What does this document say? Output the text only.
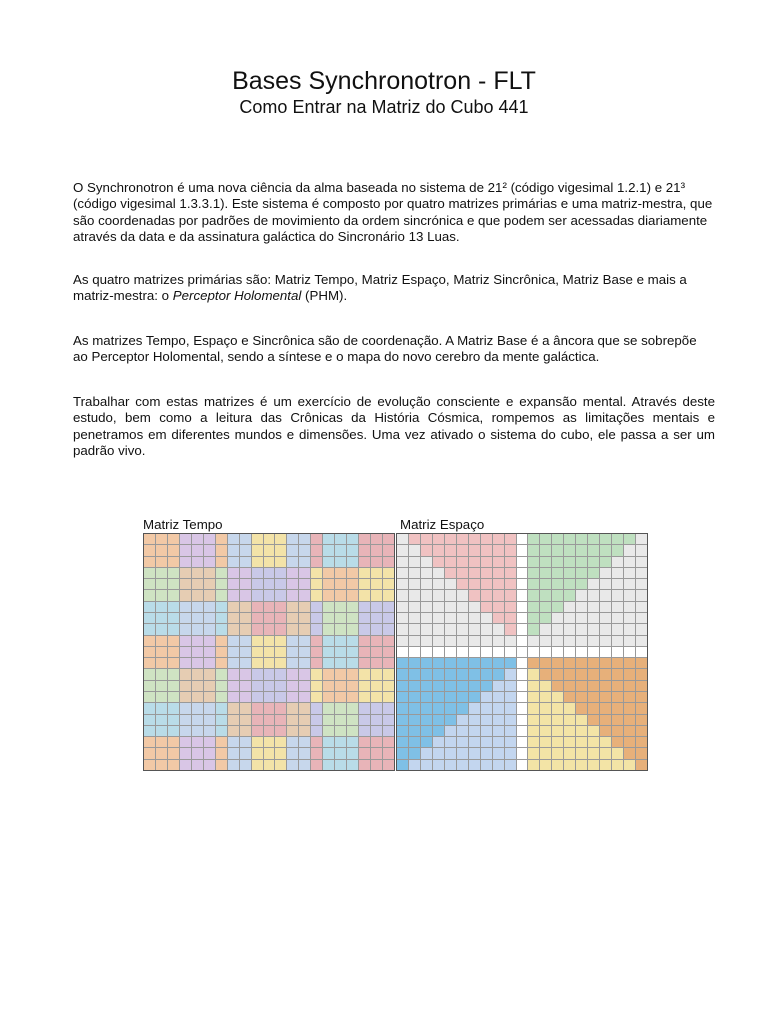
Bases Synchronotron - FLT
Como Entrar na Matriz do Cubo 441

O Synchronotron é uma nova ciência da alma baseada no sistema de 21² (código vigesimal 1.2.1) e 21³ (código vigesimal 1.3.3.1). Este sistema é composto por quatro matrizes primárias e uma matriz-mestra, que são coordenadas por padrões de movimiento da ordem sincrónica e que podem ser acessadas diariamente através da data e da assinatura galáctica do Sincronário 13 Luas.

As quatro matrizes primárias são: Matriz Tempo, Matriz Espaço, Matriz Sincrônica, Matriz Base e mais a matriz-mestra: o Perceptor Holomental (PHM).

As matrizes Tempo, Espaço e Sincrônica são de coordenação. A Matriz Base é a âncora que se sobrepõe ao Perceptor Holomental, sendo a síntese e o mapa do novo cerebro da mente galáctica.

Trabalhar com estas matrizes é um exercício de evolução consciente e expansão mental. Através deste estudo, bem como a leitura das Crônicas da História Cósmica, rompemos as limitações mentais e penetramos em diferentes mundos e dimensões. Uma vez ativado o sistema do cubo, ele passa a ser um padrão vivo.

Matriz Tempo	Matriz Espaço
